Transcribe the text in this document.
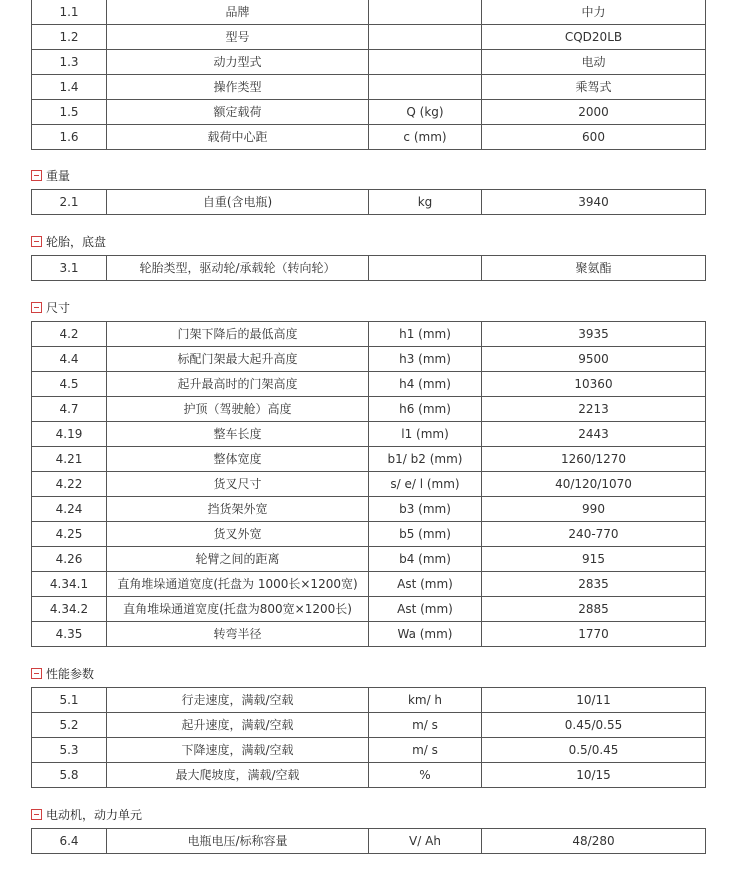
1.1	品牌		中力
1.2	型号		CQD20LB
1.3	动力型式		电动
1.4	操作类型		乘驾式
1.5	额定载荷	Q (kg)	2000
1.6	载荷中心距	c (mm)	600
重量
2.1	自重(含电瓶)	kg	3940
轮胎，底盘
3.1	轮胎类型，驱动轮/承载轮（转向轮）		聚氨酯
尺寸
4.2	门架下降后的最低高度	h1 (mm)	3935
4.4	标配门架最大起升高度	h3 (mm)	9500
4.5	起升最高时的门架高度	h4 (mm)	10360
4.7	护顶（驾驶舱）高度	h6 (mm)	2213
4.19	整车长度	l1 (mm)	2443
4.21	整体宽度	b1/ b2 (mm)	1260/1270
4.22	货叉尺寸	s/ e/ l (mm)	40/120/1070
4.24	挡货架外宽	b3 (mm)	990
4.25	货叉外宽	b5 (mm)	240-770
4.26	轮臂之间的距离	b4 (mm)	915
4.34.1	直角堆垛通道宽度(托盘为 1000长×1200宽)	Ast (mm)	2835
4.34.2	直角堆垛通道宽度(托盘为800宽×1200长)	Ast (mm)	2885
4.35	转弯半径	Wa (mm)	1770
性能参数
5.1	行走速度，满载/空载	km/ h	10/11
5.2	起升速度，满载/空载	m/ s	0.45/0.55
5.3	下降速度，满载/空载	m/ s	0.5/0.45
5.8	最大爬坡度，满载/空载	%	10/15
电动机，动力单元
6.4	电瓶电压/标称容量	V/ Ah	48/280
